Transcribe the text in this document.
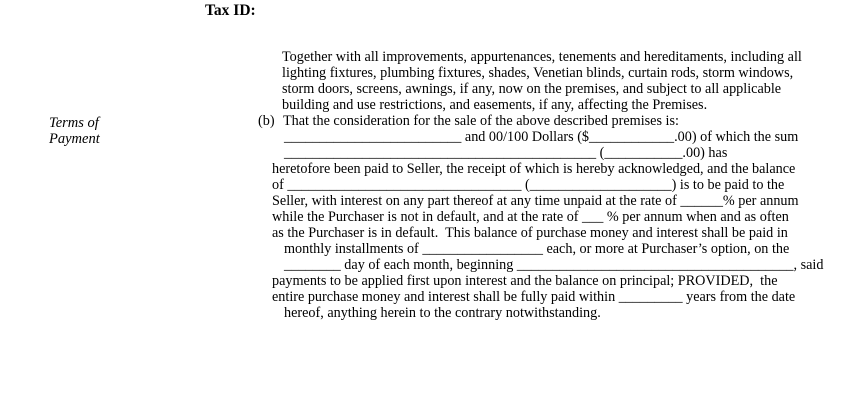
Tax ID:
Terms of
Payment
Together with all improvements, appurtenances, tenements and hereditaments, including all
lighting fixtures, plumbing fixtures, shades, Venetian blinds, curtain rods, storm windows,
storm doors, screens, awnings, if any, now on the premises, and subject to all applicable
building and use restrictions, and easements, if any, affecting the Premises.
(b) That the consideration for the sale of the above described premises is:
_________________________ and 00/100 Dollars ($____________.00) of which the sum
____________________________________________ (___________.00) has
heretofore been paid to Seller, the receipt of which is hereby acknowledged, and the balance
of _________________________________ (____________________) is to be paid to the
Seller, with interest on any part thereof at any time unpaid at the rate of ______% per annum
while the Purchaser is not in default, and at the rate of ___ % per annum when and as often
as the Purchaser is in default.  This balance of purchase money and interest shall be paid in
monthly installments of _________________ each, or more at Purchaser’s option, on the
________ day of each month, beginning _______________________________________, said
payments to be applied first upon interest and the balance on principal; PROVIDED,  the
entire purchase money and interest shall be fully paid within _________ years from the date
hereof, anything herein to the contrary notwithstanding.
